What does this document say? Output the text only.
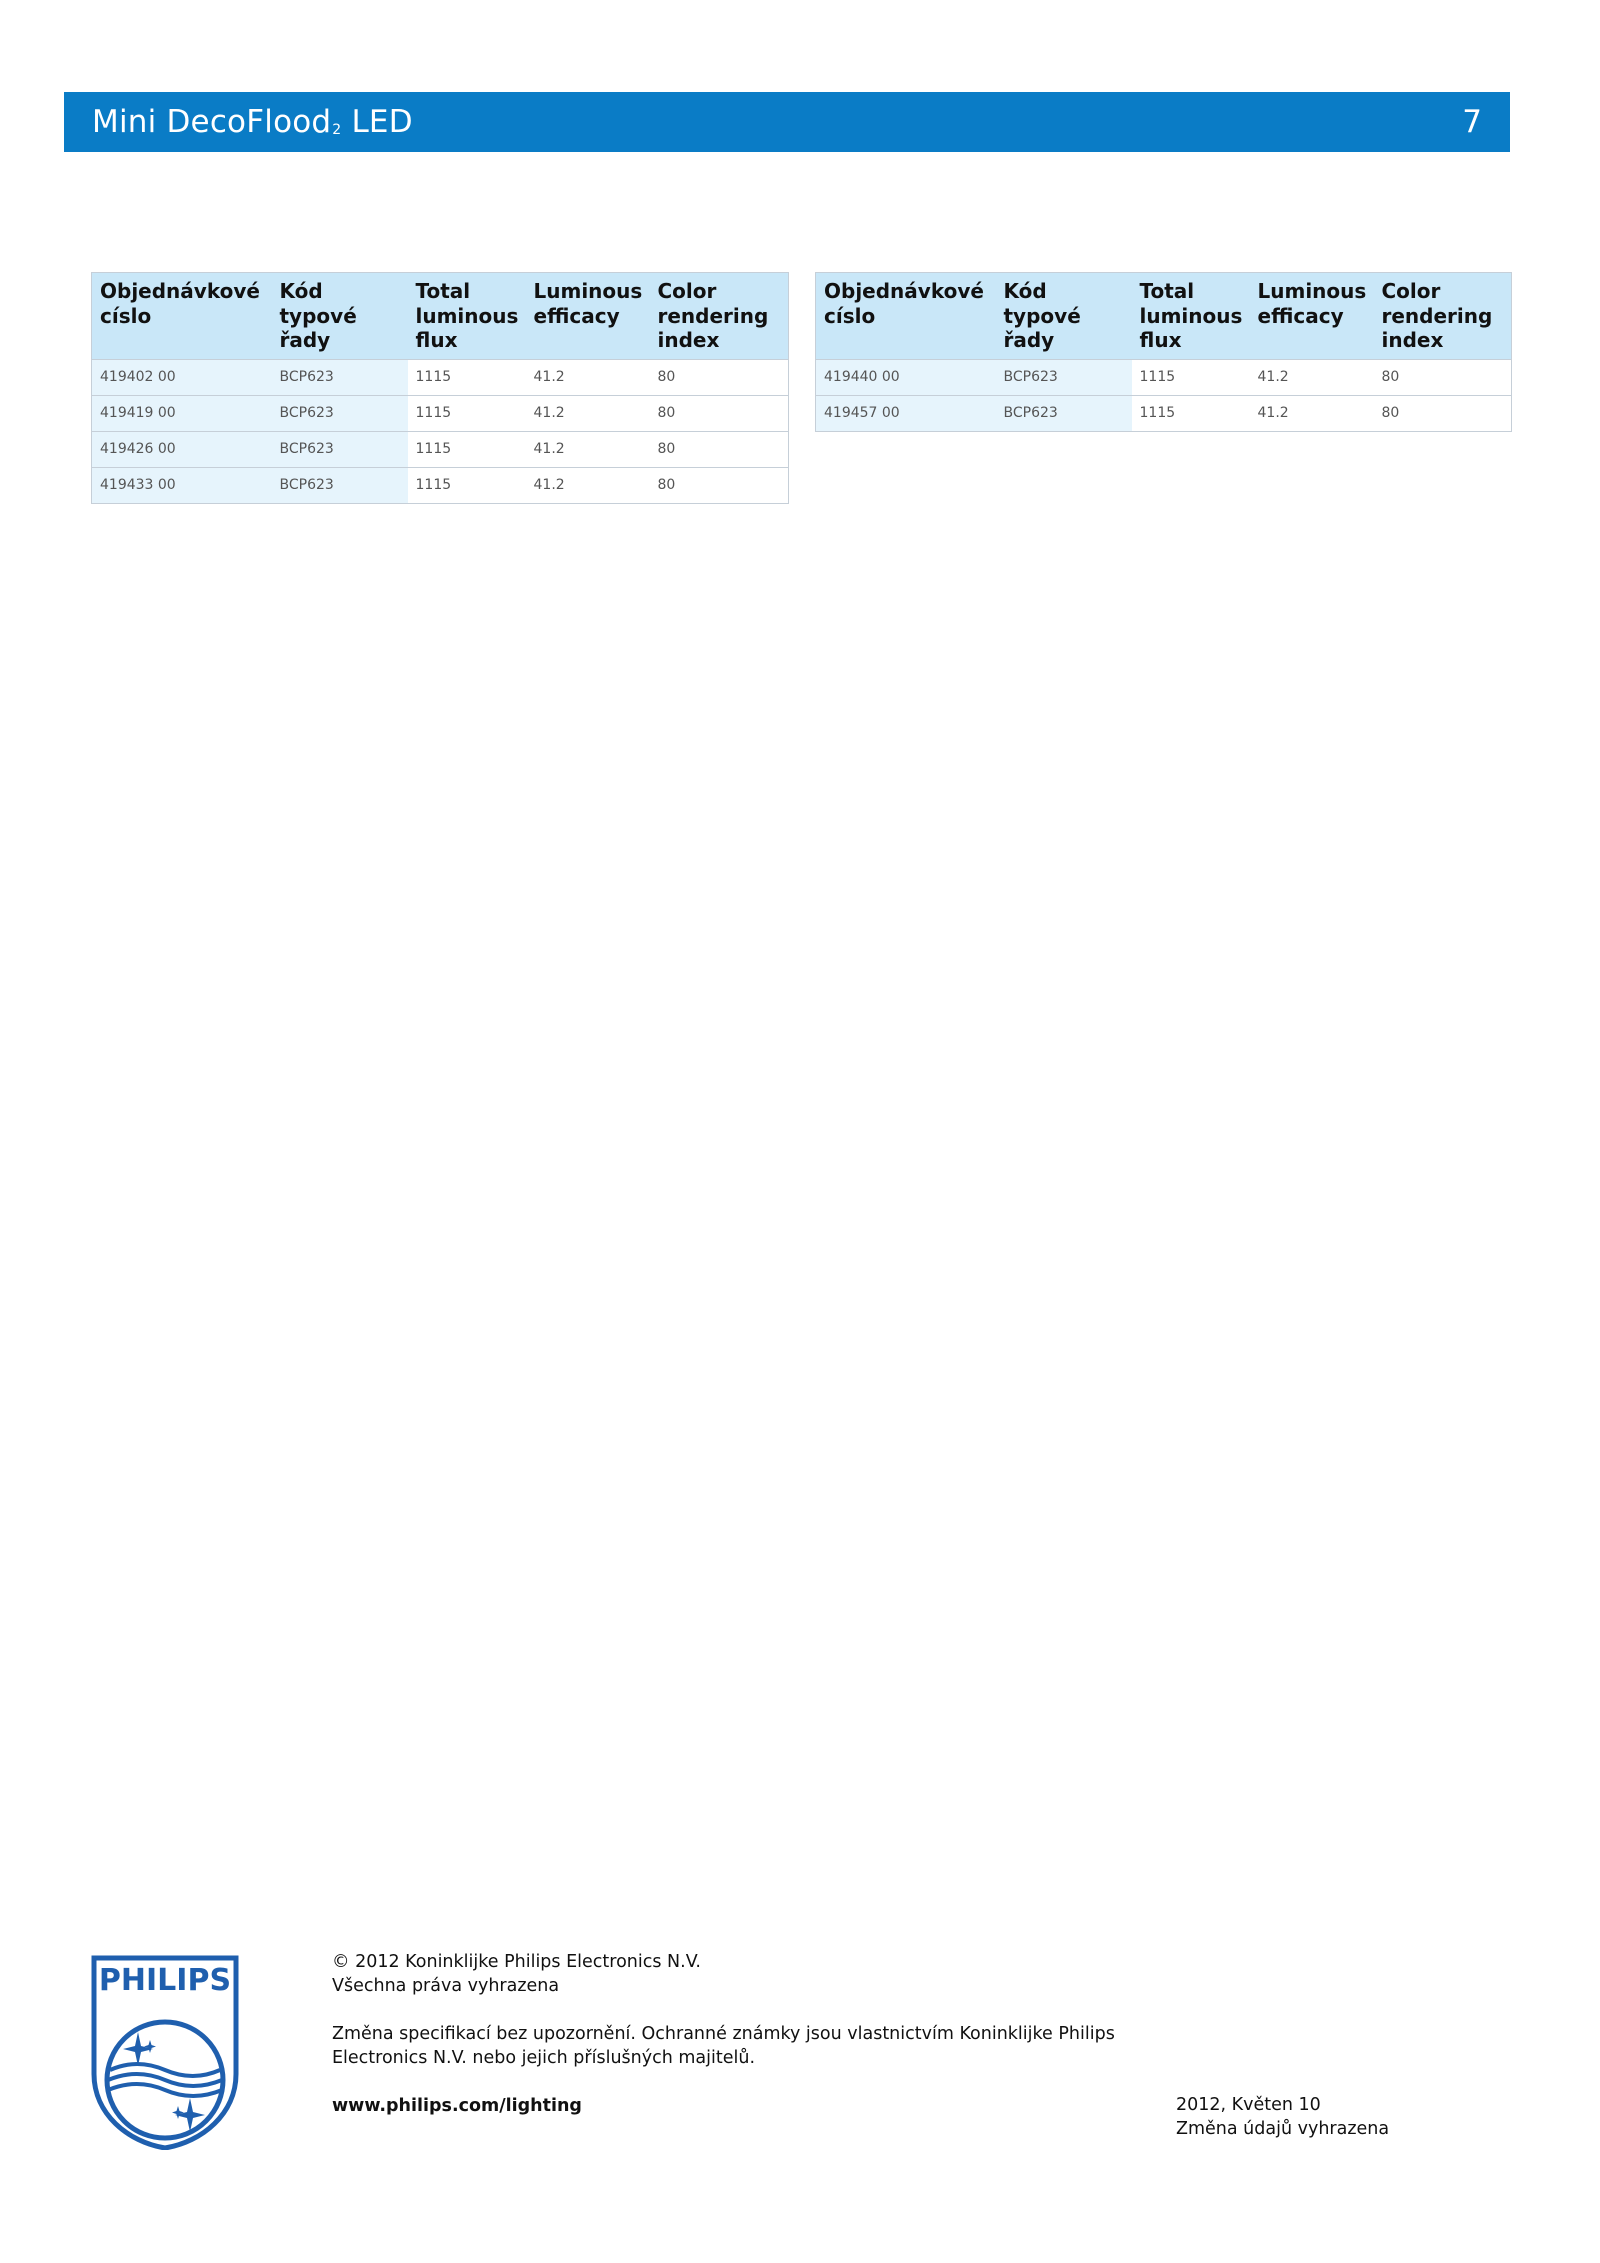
Mini DecoFlood$^2$ LED	7
Objednávkové
císlo	Kód
typové
řady	Total
luminous
flux	Luminous
efficacy	Color
rendering
index
419402 00	BCP623	1115	41.2	80
419419 00	BCP623	1115	41.2	80
419426 00	BCP623	1115	41.2	80
419433 00	BCP623	1115	41.2	80
Objednávkové
císlo	Kód
typové
řady	Total
luminous
flux	Luminous
efficacy	Color
rendering
index
419440 00	BCP623	1115	41.2	80
419457 00	BCP623	1115	41.2	80
PHILIPS

© 2012 Koninklijke Philips Electronics N.V.

Všechna práva vyhrazena

Změna specifikací bez upozornění. Ochranné známky jsou vlastnictvím Koninklijke Philips

Electronics N.V. nebo jejich příslušných majitelů.

www.philips.com/lighting	2012, Květen 10

Změna údajů vyhrazena
